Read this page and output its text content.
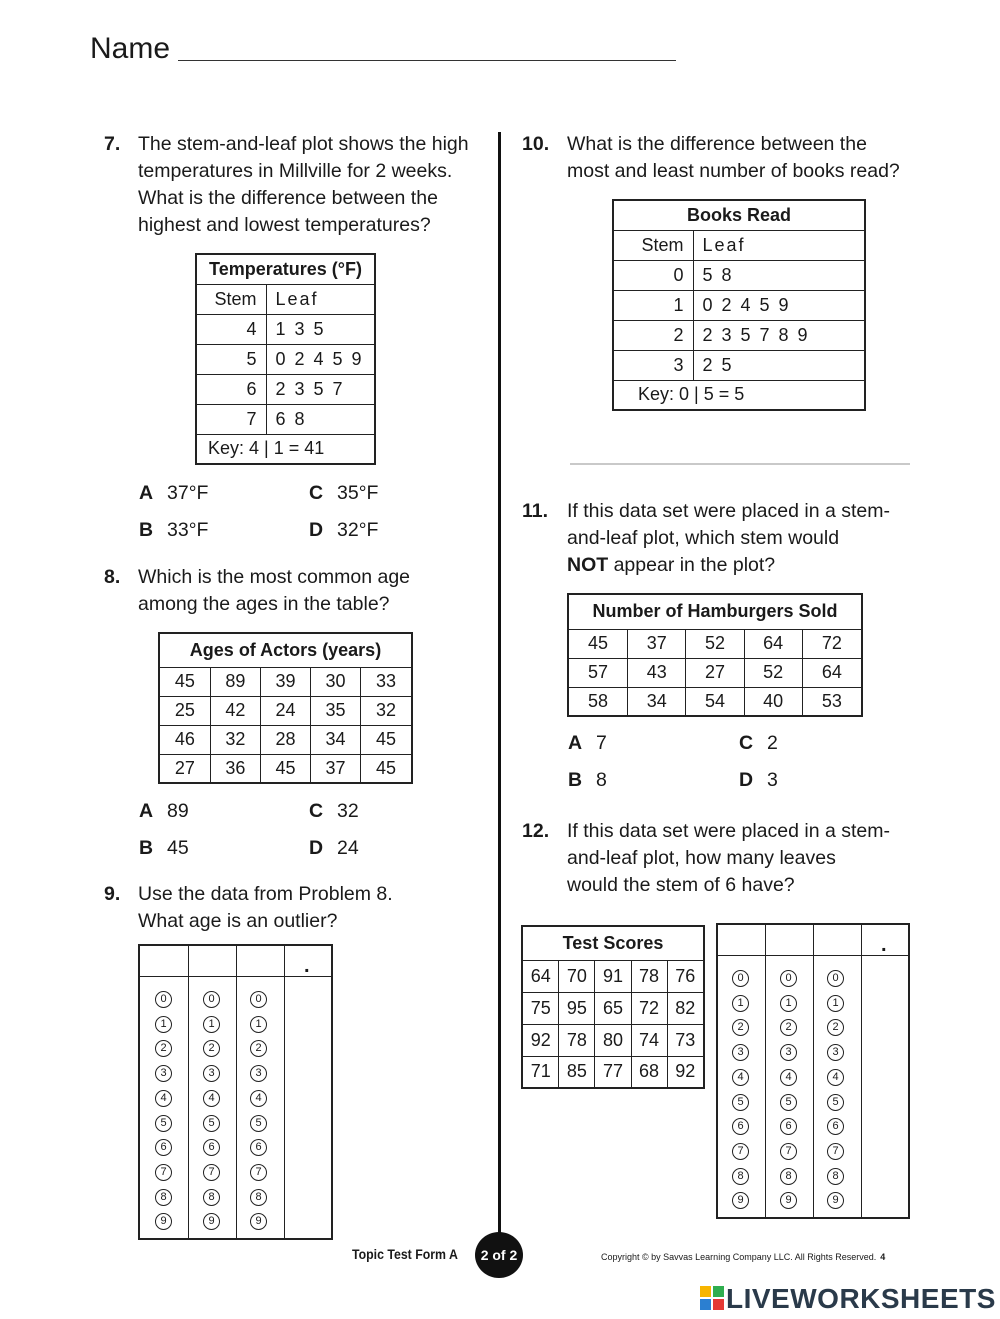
Name
7. The stem-and-leaf plot shows the high
temperatures in Millville for 2 weeks.
What is the difference between the
highest and lowest temperatures?
Temperatures (°F)	
Stem	Leaf
4	1 3 5
5	0 2 4 5 9
6	2 3 5 7
7	6 8
Key: 4 | 1 = 41	
A 37°F	C 35°F
B 33°F	D 32°F
8. Which is the most common age
among the ages in the table?
Ages of Actors (years)				
45	89	39	30	33
25	42	24	35	32
46	32	28	34	45
27	36	45	37	45
A 89	C 32
B 45	D 24
9. Use the data from Problem 8.
What age is an outlier?
.
0
1
2
3
4
5
6
7
8
9
0
1
2
3
4
5
6
7
8
9
0
1
2
3
4
5
6
7
8
9
10. What is the difference between the
most and least number of books read?
Books Read	
Stem	Leaf
0	5 8
1	0 2 4 5 9
2	2 3 5 7 8 9
3	2 5
Key: 0 | 5 = 5	
11. If this data set were placed in a stem-
and-leaf plot, which stem would
NOT appear in the plot?
Number of Hamburgers Sold				
45	37	52	64	72
57	43	27	52	64
58	34	54	40	53
A 7	C 2
B 8	D 3
12. If this data set were placed in a stem-
and-leaf plot, how many leaves
would the stem of 6 have?
Test Scores				
64	70	91	78	76
75	95	65	72	82
92	78	80	74	73
71	85	77	68	92
.
0
1
2
3
4
5
6
7
8
9
0
1
2
3
4
5
6
7
8
9
0
1
2
3
4
5
6
7
8
9
Topic Test Form A	2 of 2	Copyright © by Savvas Learning Company LLC. All Rights Reserved. 4
LIVEWORKSHEETS
